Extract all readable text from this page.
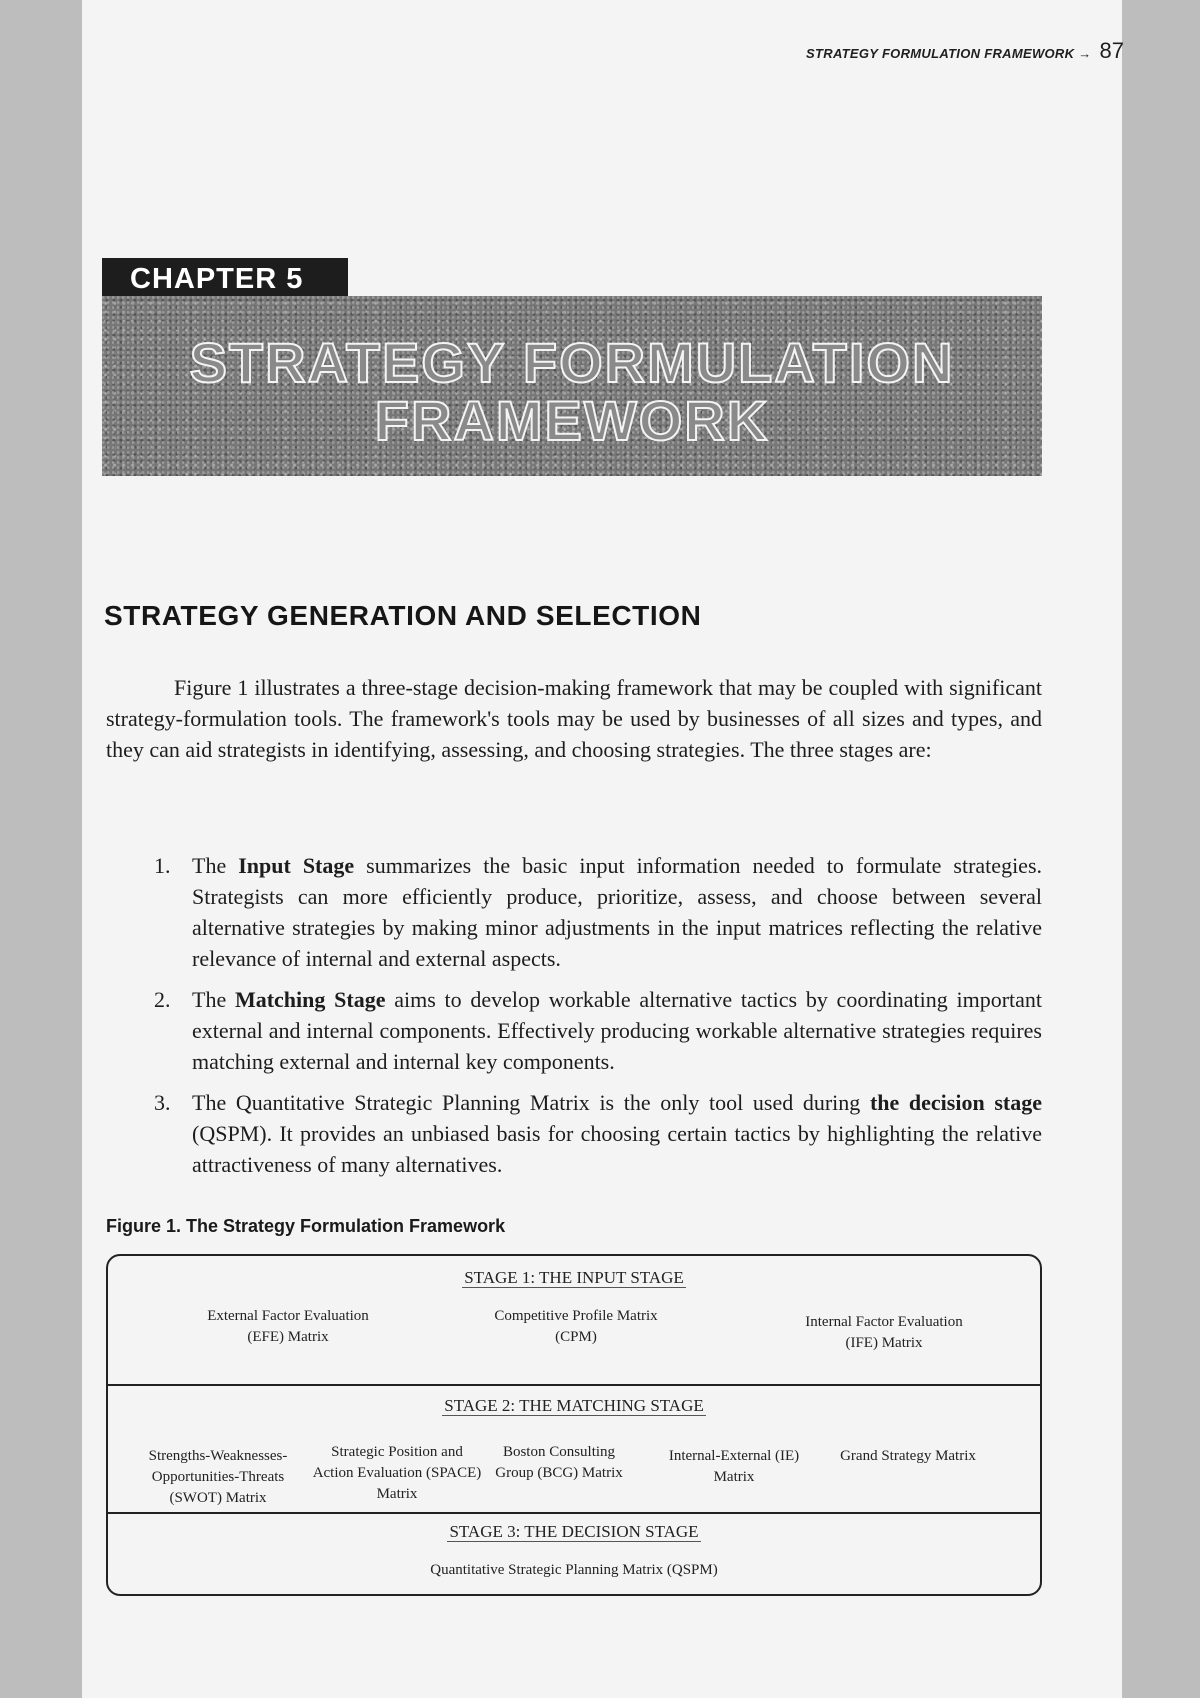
STRATEGY FORMULATION FRAMEWORK → 87
CHAPTER 5
STRATEGY FORMULATION
FRAMEWORK
STRATEGY GENERATION AND SELECTION

Figure 1 illustrates a three-stage decision-making framework that may be coupled with significant strategy-formulation tools. The framework's tools may be used by businesses of all sizes and types, and they can aid strategists in identifying, assessing, and choosing strategies. The three stages are:

1. The Input Stage summarizes the basic input information needed to formulate strategies. Strategists can more efficiently produce, prioritize, assess, and choose between several alternative strategies by making minor adjustments in the input matrices reflecting the relative relevance of internal and external aspects.
2. The Matching Stage aims to develop workable alternative tactics by coordinating important external and internal components. Effectively producing workable alternative strategies requires matching external and internal key components.
3. The Quantitative Strategic Planning Matrix is the only tool used during the decision stage (QSPM). It provides an unbiased basis for choosing certain tactics by highlighting the relative attractiveness of many alternatives.
Figure 1. The Strategy Formulation Framework
STAGE 1: THE INPUT STAGE
External Factor Evaluation (EFE) Matrix
Competitive Profile Matrix (CPM)
Internal Factor Evaluation (IFE) Matrix
STAGE 2: THE MATCHING STAGE
Strengths-Weaknesses-Opportunities-Threats (SWOT) Matrix
Strategic Position and Action Evaluation (SPACE) Matrix
Boston Consulting Group (BCG) Matrix
Internal-External (IE) Matrix
Grand Strategy Matrix
STAGE 3: THE DECISION STAGE
Quantitative Strategic Planning Matrix (QSPM)
